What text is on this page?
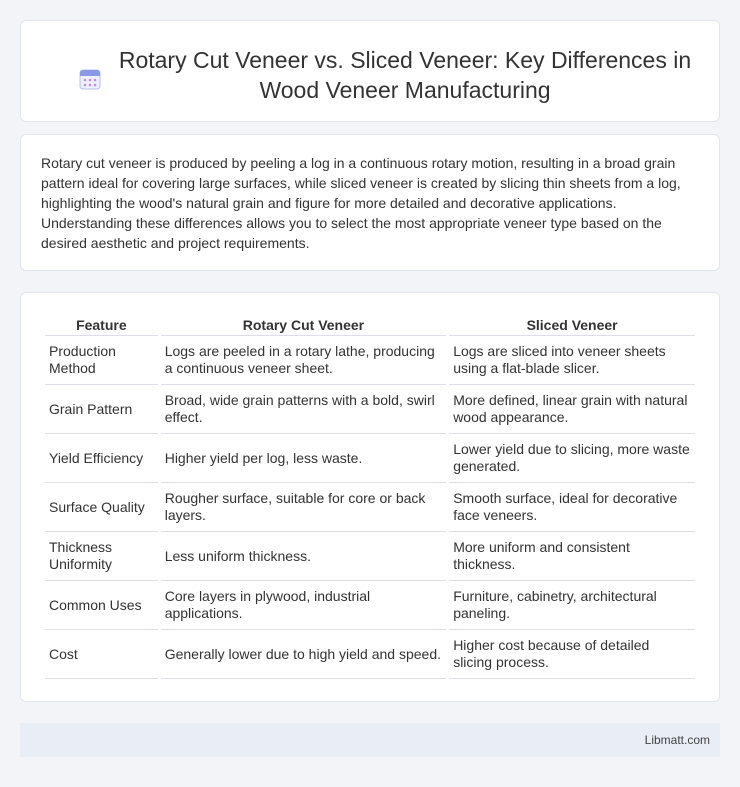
Rotary Cut Veneer vs. Sliced Veneer: Key Differences in Wood Veneer Manufacturing

Rotary cut veneer is produced by peeling a log in a continuous rotary motion, resulting in a broad grain pattern ideal for covering large surfaces, while sliced veneer is created by slicing thin sheets from a log, highlighting the wood's natural grain and figure for more detailed and decorative applications. Understanding these differences allows you to select the most appropriate veneer type based on the desired aesthetic and project requirements.

Feature	Rotary Cut Veneer	Sliced Veneer
Production Method	Logs are peeled in a rotary lathe, producing a continuous veneer sheet.	Logs are sliced into veneer sheets using a flat-blade slicer.
Grain Pattern	Broad, wide grain patterns with a bold, swirl effect.	More defined, linear grain with natural wood appearance.
Yield Efficiency	Higher yield per log, less waste.	Lower yield due to slicing, more waste generated.
Surface Quality	Rougher surface, suitable for core or back layers.	Smooth surface, ideal for decorative face veneers.
Thickness Uniformity	Less uniform thickness.	More uniform and consistent thickness.
Common Uses	Core layers in plywood, industrial applications.	Furniture, cabinetry, architectural paneling.
Cost	Generally lower due to high yield and speed.	Higher cost because of detailed slicing process.
Libmatt.com
